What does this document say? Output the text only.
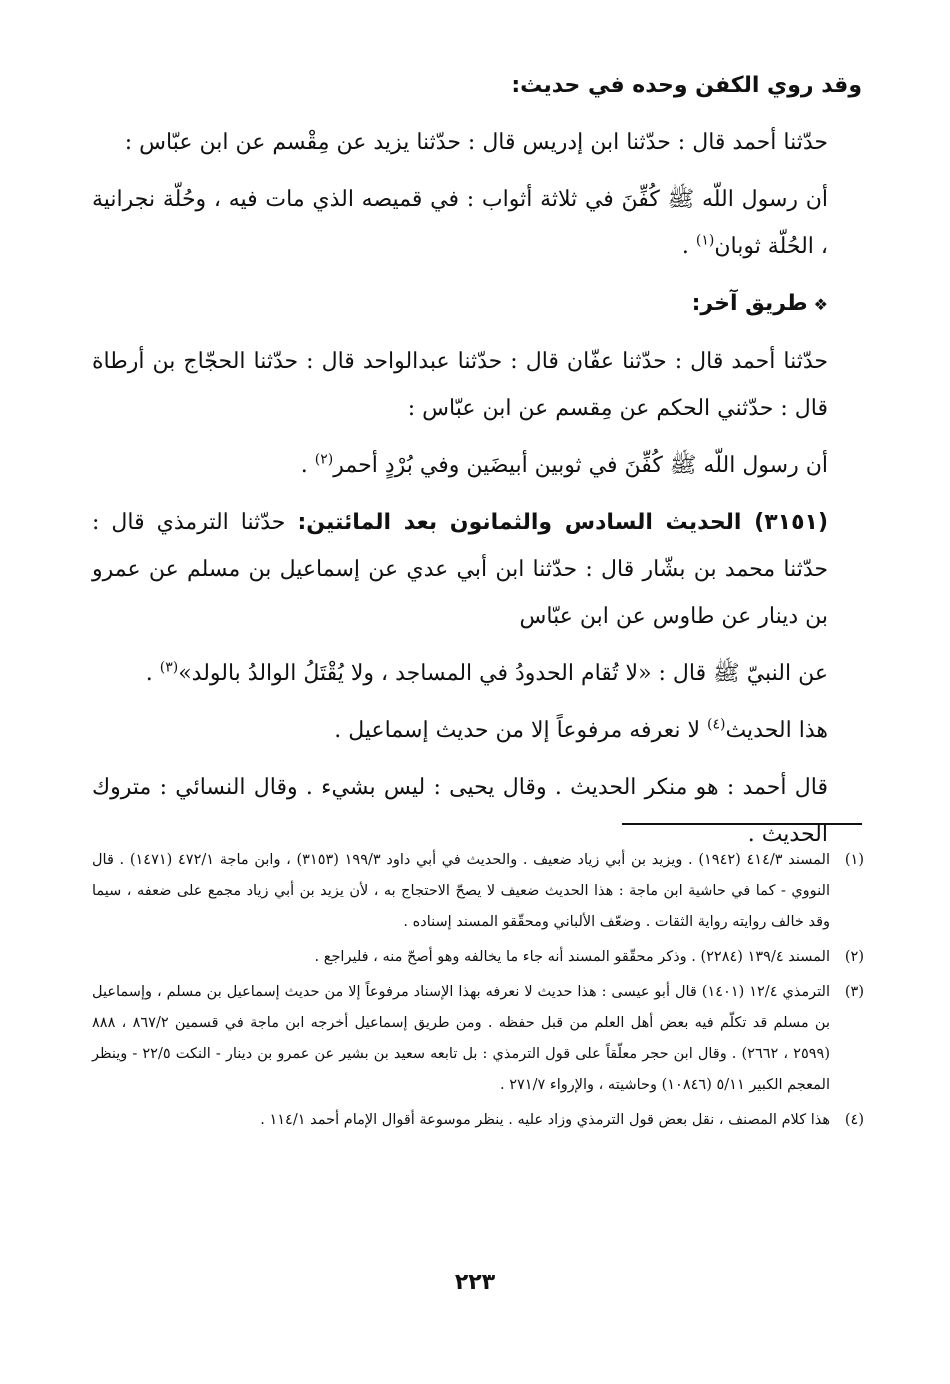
وقد روي الكفن وحده في حديث:

حدّثنا أحمد قال : حدّثنا ابن إدريس قال : حدّثنا يزيد عن مِقْسم عن ابن عبّاس :

أن رسول اللّه ﷺ كُفِّنَ في ثلاثة أثواب : في قميصه الذي مات فيه ، وحُلّة نجرانية ، الحُلّة ثوبان$^{(١)}$ .

❖طريق آخر:

حدّثنا أحمد قال : حدّثنا عفّان قال : حدّثنا عبدالواحد قال : حدّثنا الحجّاج بن أرطاة قال : حدّثني الحكم عن مِقسم عن ابن عبّاس :

أن رسول اللّه ﷺ كُفِّنَ في ثوبين أبيضَين وفي بُرْدٍ أحمر$^{(٢)}$ .

(٣١٥١) الحديث السادس والثمانون بعد المائتين: حدّثنا الترمذي قال : حدّثنا محمد بن بشّار قال : حدّثنا ابن أبي عدي عن إسماعيل بن مسلم عن عمرو بن دينار عن طاوس عن ابن عبّاس

عن النبيّ ﷺ قال : «لا تُقام الحدودُ في المساجد ، ولا يُقْتَلُ الوالدُ بالولد»$^{(٣)}$ .

هذا الحديث$^{(٤)}$ لا نعرفه مرفوعاً إلا من حديث إسماعيل .

قال أحمد : هو منكر الحديث . وقال يحيى : ليس بشيء . وقال النسائي : متروك الحديث .

(١)
المسند ٤١٤/٣ (١٩٤٢) . ويزيد بن أبي زياد ضعيف . والحديث في أبي داود ١٩٩/٣ (٣١٥٣) ، وابن ماجة ٤٧٢/١ (١٤٧١) . قال النووي - كما في حاشية ابن ماجة : هذا الحديث ضعيف لا يصحّ الاحتجاج به ، لأن يزيد بن أبي زياد مجمع على ضعفه ، سيما وقد خالف روايته رواية الثقات . وضعّف الألباني ومحقّقو المسند إسناده .
(٢)
المسند ١٣٩/٤ (٢٢٨٤) . وذكر محقّقو المسند أنه جاء ما يخالفه وهو أصحّ منه ، فليراجع .
(٣)
الترمذي ١٢/٤ (١٤٠١) قال أبو عيسى : هذا حديث لا نعرفه بهذا الإسناد مرفوعاً إلا من حديث إسماعيل بن مسلم ، وإسماعيل بن مسلم قد تكلّم فيه بعض أهل العلم من قبل حفظه . ومن طريق إسماعيل أخرجه ابن ماجة في قسمين ٨٦٧/٢ ، ٨٨٨ (٢٥٩٩ ، ٢٦٦٢) . وقال ابن حجر معلّقاً على قول الترمذي : بل تابعه سعيد بن بشير عن عمرو بن دينار - النكت ٢٢/٥ - وينظر المعجم الكبير ٥/١١ (١٠٨٤٦) وحاشيته ، والإرواء ٢٧١/٧ .
(٤)
هذا كلام المصنف ، نقل بعض قول الترمذي وزاد عليه . ينظر موسوعة أقوال الإمام أحمد ١١٤/١ .
٢٢٣
